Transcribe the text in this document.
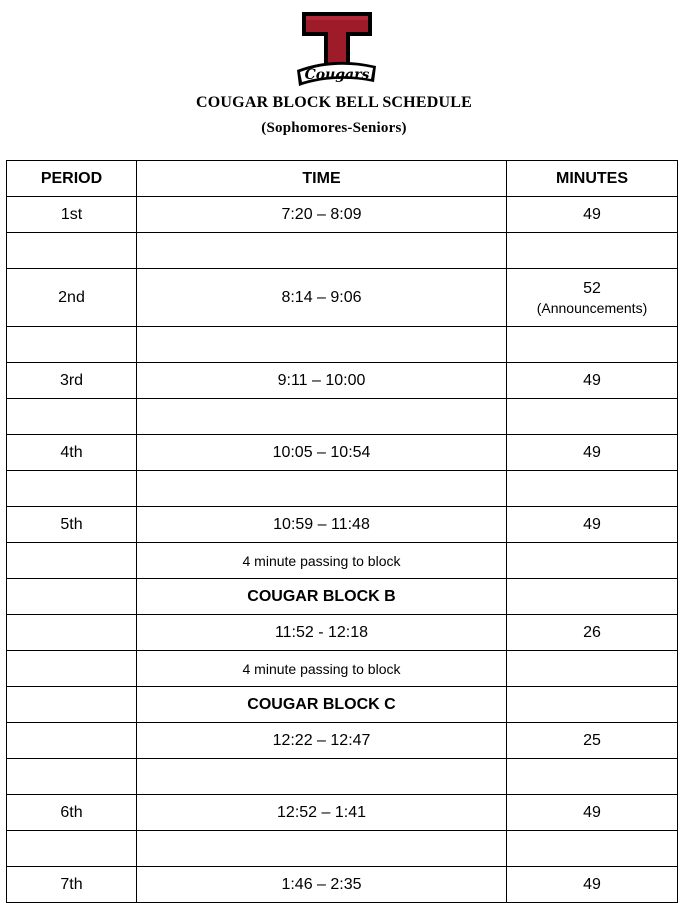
Cougars
COUGAR BLOCK BELL SCHEDULE
(Sophomores-Seniors)
PERIOD	TIME	MINUTES
1st	7:20 – 8:09	49

2nd	8:14 – 9:06	52
(Announcements)

3rd	9:11 – 10:00	49

4th	10:05 – 10:54	49

5th	10:59 – 11:48	49
	4 minute passing to block	
	COUGAR BLOCK B	
	11:52 - 12:18	26
	4 minute passing to block	
	COUGAR BLOCK C	
	12:22 – 12:47	25

6th	12:52 – 1:41	49

7th	1:46 – 2:35	49
